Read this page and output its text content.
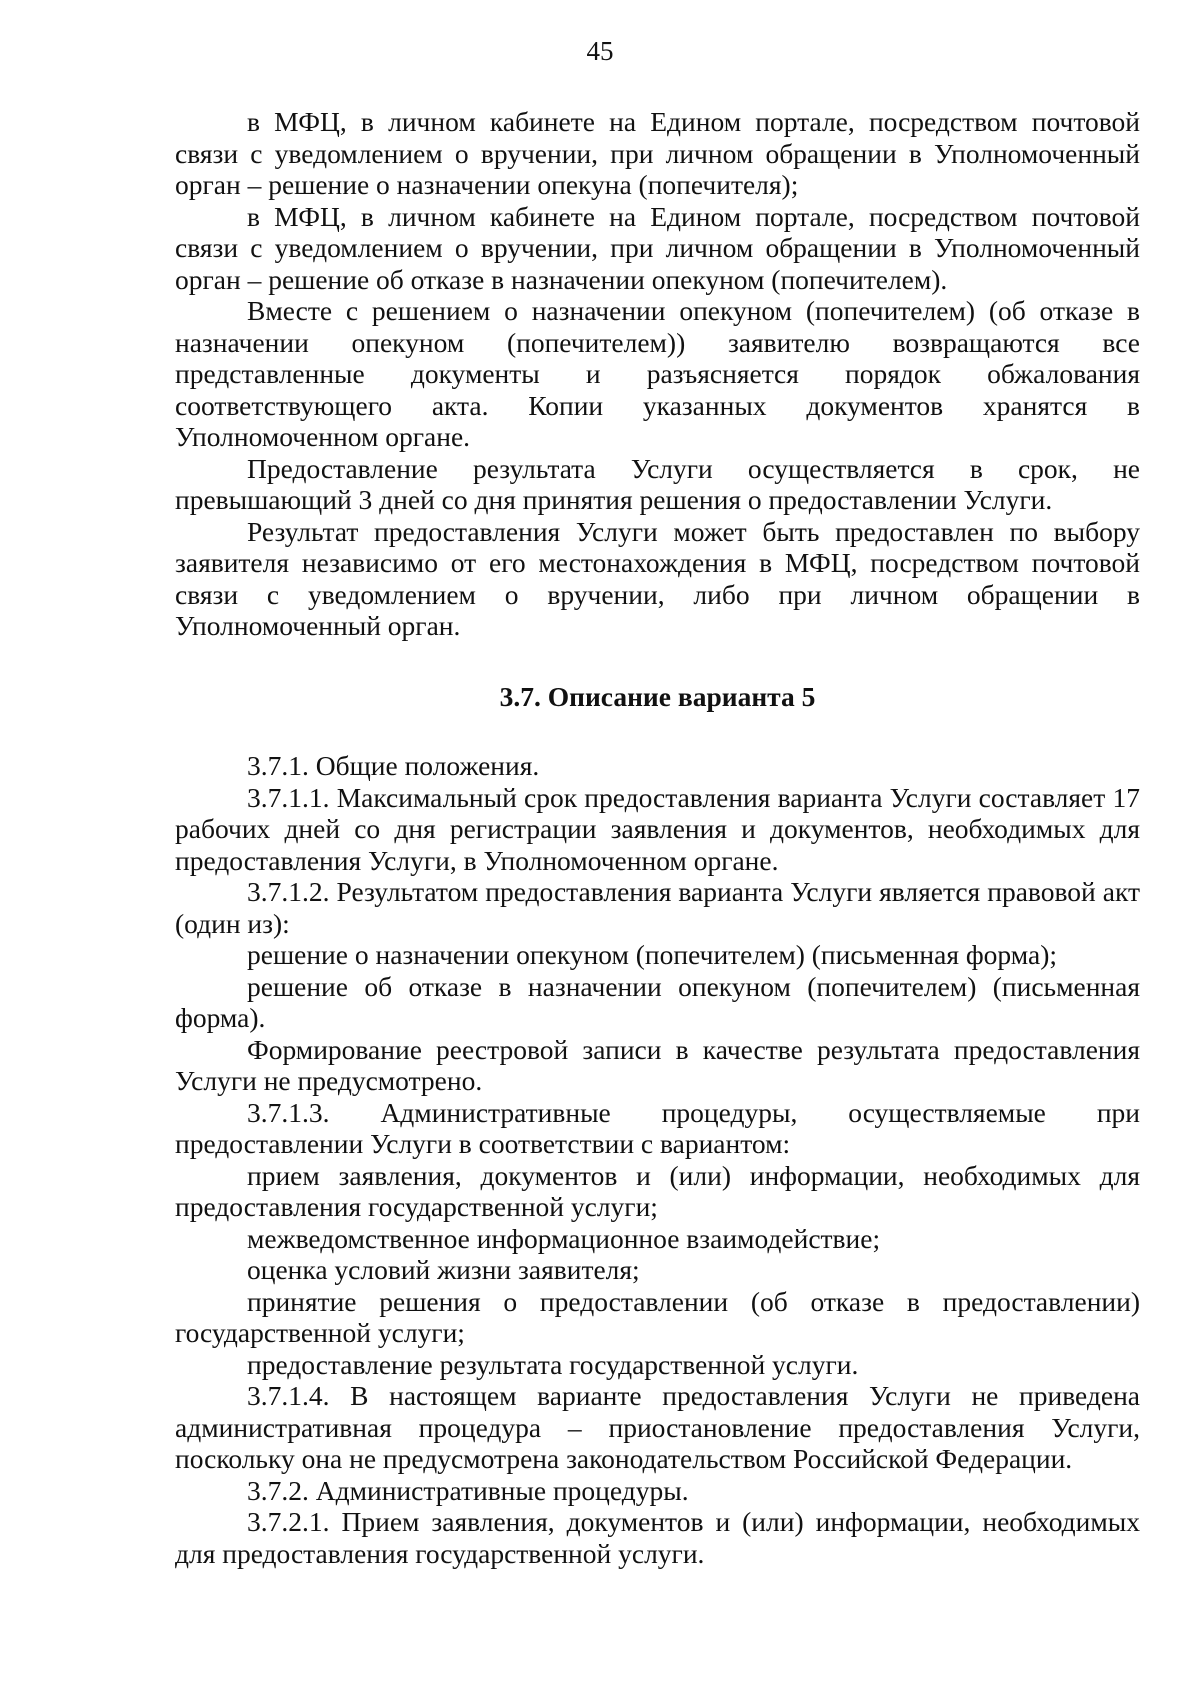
45

в МФЦ, в личном кабинете на Едином портале, посредством почтовой связи с уведомлением о вручении, при личном обращении в Уполномоченный орган – решение о назначении опекуна (попечителя);

в МФЦ, в личном кабинете на Едином портале, посредством почтовой связи с уведомлением о вручении, при личном обращении в Уполномоченный орган – решение об отказе в назначении опекуном (попечителем).

Вместе с решением о назначении опекуном (попечителем) (об отказе в назначении опекуном (попечителем)) заявителю возвращаются все представленные документы и разъясняется порядок обжалования соответствующего акта. Копии указанных документов хранятся в Уполномоченном органе.

Предоставление результата Услуги осуществляется в срок, не превышающий 3 дней со дня принятия решения о предоставлении Услуги.

Результат предоставления Услуги может быть предоставлен по выбору заявителя независимо от его местонахождения в МФЦ, посредством почтовой связи с уведомлением о вручении, либо при личном обращении в Уполномоченный орган.

3.7. Описание варианта 5

3.7.1. Общие положения.

3.7.1.1. Максимальный срок предоставления варианта Услуги составляет 17 рабочих дней со дня регистрации заявления и документов, необходимых для предоставления Услуги, в Уполномоченном органе.

3.7.1.2. Результатом предоставления варианта Услуги является правовой акт (один из):

решение о назначении опекуном (попечителем) (письменная форма);

решение об отказе в назначении опекуном (попечителем) (письменная форма).

Формирование реестровой записи в качестве результата предоставления Услуги не предусмотрено.

3.7.1.3. Административные процедуры, осуществляемые при предоставлении Услуги в соответствии с вариантом:

прием заявления, документов и (или) информации, необходимых для предоставления государственной услуги;

межведомственное информационное взаимодействие;

оценка условий жизни заявителя;

принятие решения о предоставлении (об отказе в предоставлении) государственной услуги;

предоставление результата государственной услуги.

3.7.1.4. В настоящем варианте предоставления Услуги не приведена административная процедура – приостановление предоставления Услуги, поскольку она не предусмотрена законодательством Российской Федерации.

3.7.2. Административные процедуры.

3.7.2.1. Прием заявления, документов и (или) информации, необходимых для предоставления государственной услуги.
